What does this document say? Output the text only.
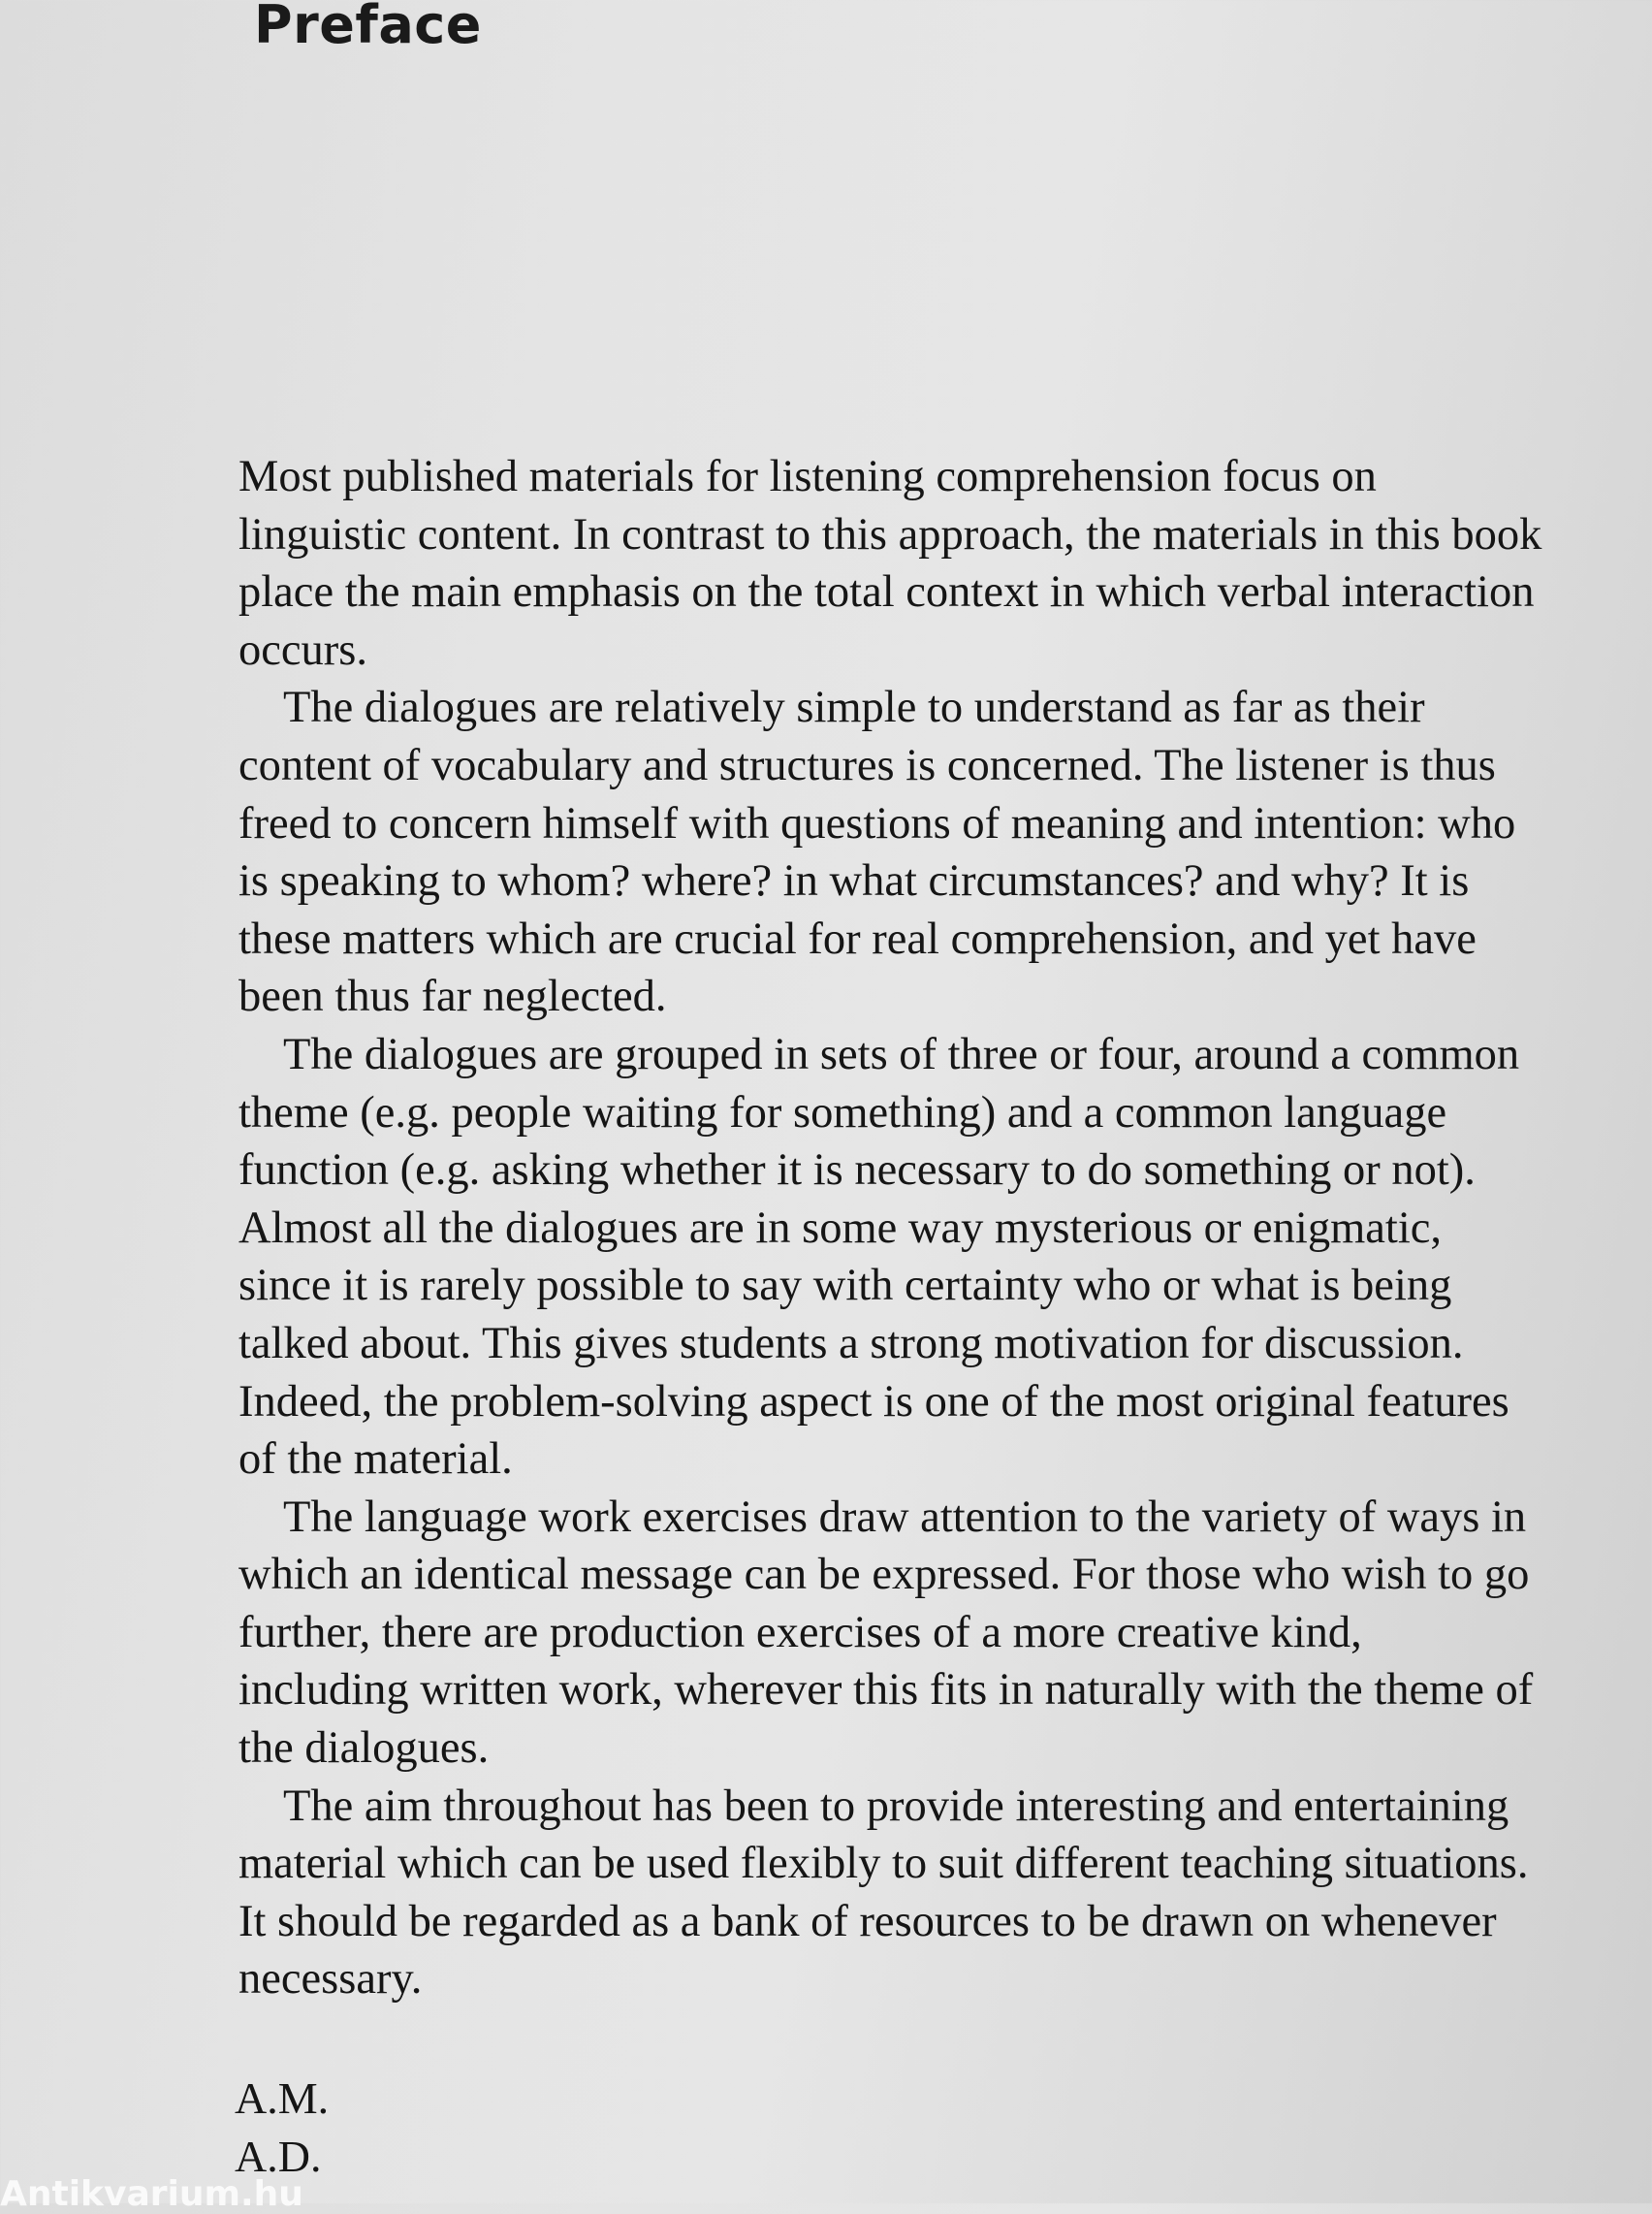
Preface

Most published materials for listening comprehension focus on linguistic content. In contrast to this approach, the materials in this book place the main emphasis on the total context in which verbal interaction occurs.

The dialogues are relatively simple to understand as far as their content of vocabulary and structures is concerned. The listener is thus freed to concern himself with questions of meaning and intention: who is speaking to whom? where? in what circumstances? and why? It is these matters which are crucial for real comprehension, and yet have been thus far neglected.

The dialogues are grouped in sets of three or four, around a common theme (e.g. people waiting for something) and a common language function (e.g. asking whether it is necessary to do something or not). Almost all the dialogues are in some way mysterious or enigmatic, since it is rarely possible to say with certainty who or what is being talked about. This gives students a strong motivation for discussion. Indeed, the problem-solving aspect is one of the most original features of the material.

The language work exercises draw attention to the variety of ways in which an identical message can be expressed. For those who wish to go further, there are production exercises of a more creative kind, including written work, wherever this fits in naturally with the theme of the dialogues.

The aim throughout has been to provide interesting and entertaining material which can be used flexibly to suit different teaching situations. It should be regarded as a bank of resources to be drawn on whenever necessary.

A.M.
A.D.
Antikvarium.hu
